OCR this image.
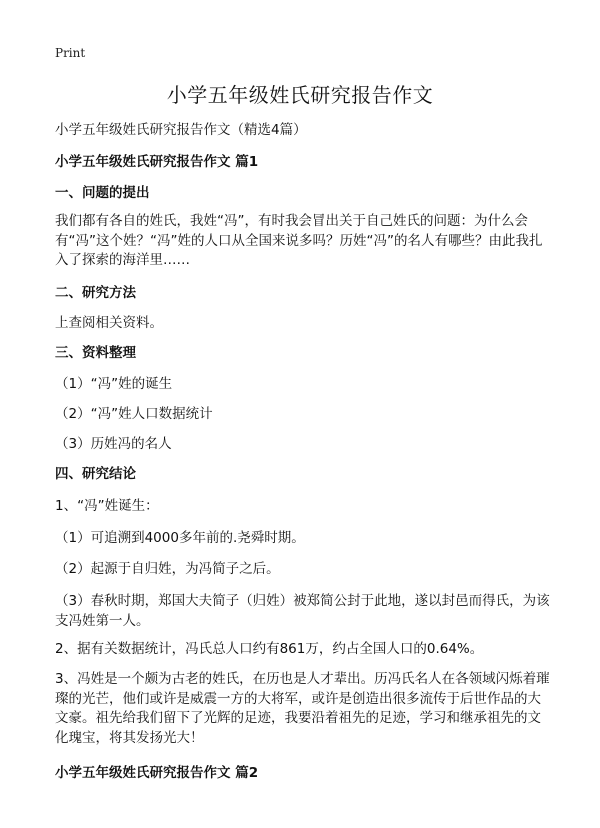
Print
小学五年级姓氏研究报告作文
小学五年级姓氏研究报告作文（精选4篇）
小学五年级姓氏研究报告作文 篇1
一、问题的提出
我们都有各自的姓氏，我姓“冯”，有时我会冒出关于自己姓氏的问题：为什么会有“冯”这个姓？“冯”姓的人口从全国来说多吗？历姓“冯”的名人有哪些？由此我扎入了探索的海洋里……
二、研究方法
上查阅相关资料。
三、资料整理
（1）“冯”姓的诞生
（2）“冯”姓人口数据统计
（3）历姓冯的名人
四、研究结论
1、“冯”姓诞生：
（1）可追溯到4000多年前的.尧舜时期。
（2）起源于自归姓，为冯简子之后。
（3）春秋时期，郑国大夫简子（归姓）被郑简公封于此地，遂以封邑而得氏，为该支冯姓第一人。
2、据有关数据统计，冯氏总人口约有861万，约占全国人口的0.64%。
3、冯姓是一个颇为古老的姓氏，在历也是人才辈出。历冯氏名人在各领域闪烁着璀璨的光芒，他们或许是威震一方的大将军，或许是创造出很多流传于后世作品的大文豪。祖先给我们留下了光辉的足迹，我要沿着祖先的足迹，学习和继承祖先的文化瑰宝，将其发扬光大！
小学五年级姓氏研究报告作文 篇2
